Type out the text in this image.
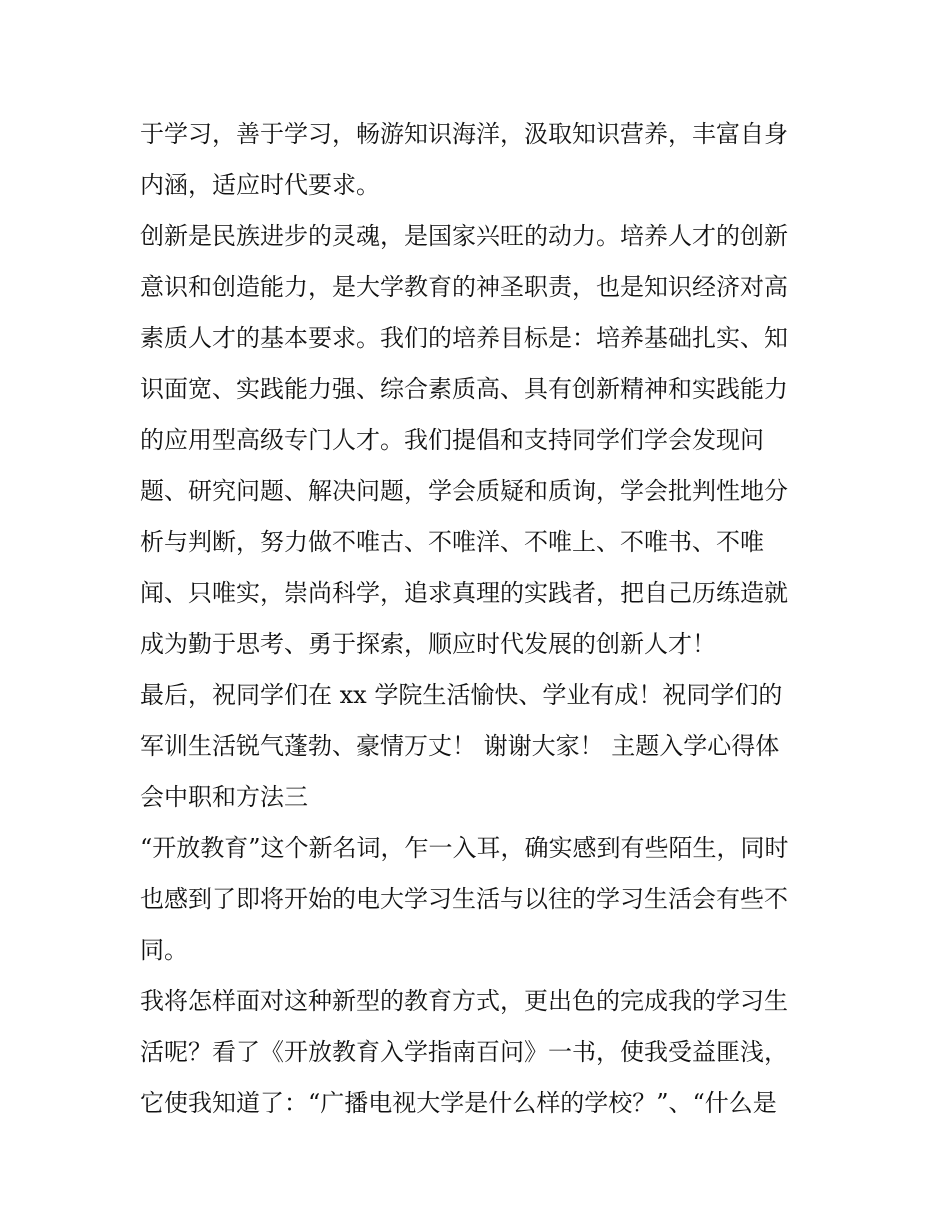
于学习，善于学习，畅游知识海洋，汲取知识营养，丰富自身
内涵，适应时代要求。
创新是民族进步的灵魂，是国家兴旺的动力。培养人才的创新
意识和创造能力，是大学教育的神圣职责，也是知识经济对高
素质人才的基本要求。我们的培养目标是：培养基础扎实、知
识面宽、实践能力强、综合素质高、具有创新精神和实践能力
的应用型高级专门人才。我们提倡和支持同学们学会发现问
题、研究问题、解决问题，学会质疑和质询，学会批判性地分
析与判断，努力做不唯古、不唯洋、不唯上、不唯书、不唯
闻、只唯实，崇尚科学，追求真理的实践者，把自己历练造就
成为勤于思考、勇于探索，顺应时代发展的创新人才！
最后，祝同学们在 xx 学院生活愉快、学业有成！祝同学们的
军训生活锐气蓬勃、豪情万丈！ 谢谢大家！ 主题入学心得体
会中职和方法三
“开放教育”这个新名词，乍一入耳，确实感到有些陌生，同时
也感到了即将开始的电大学习生活与以往的学习生活会有些不
同。
我将怎样面对这种新型的教育方式，更出色的完成我的学习生
活呢？看了《开放教育入学指南百问》一书，使我受益匪浅，
它使我知道了：“广播电视大学是什么样的学校？”、“什么是
